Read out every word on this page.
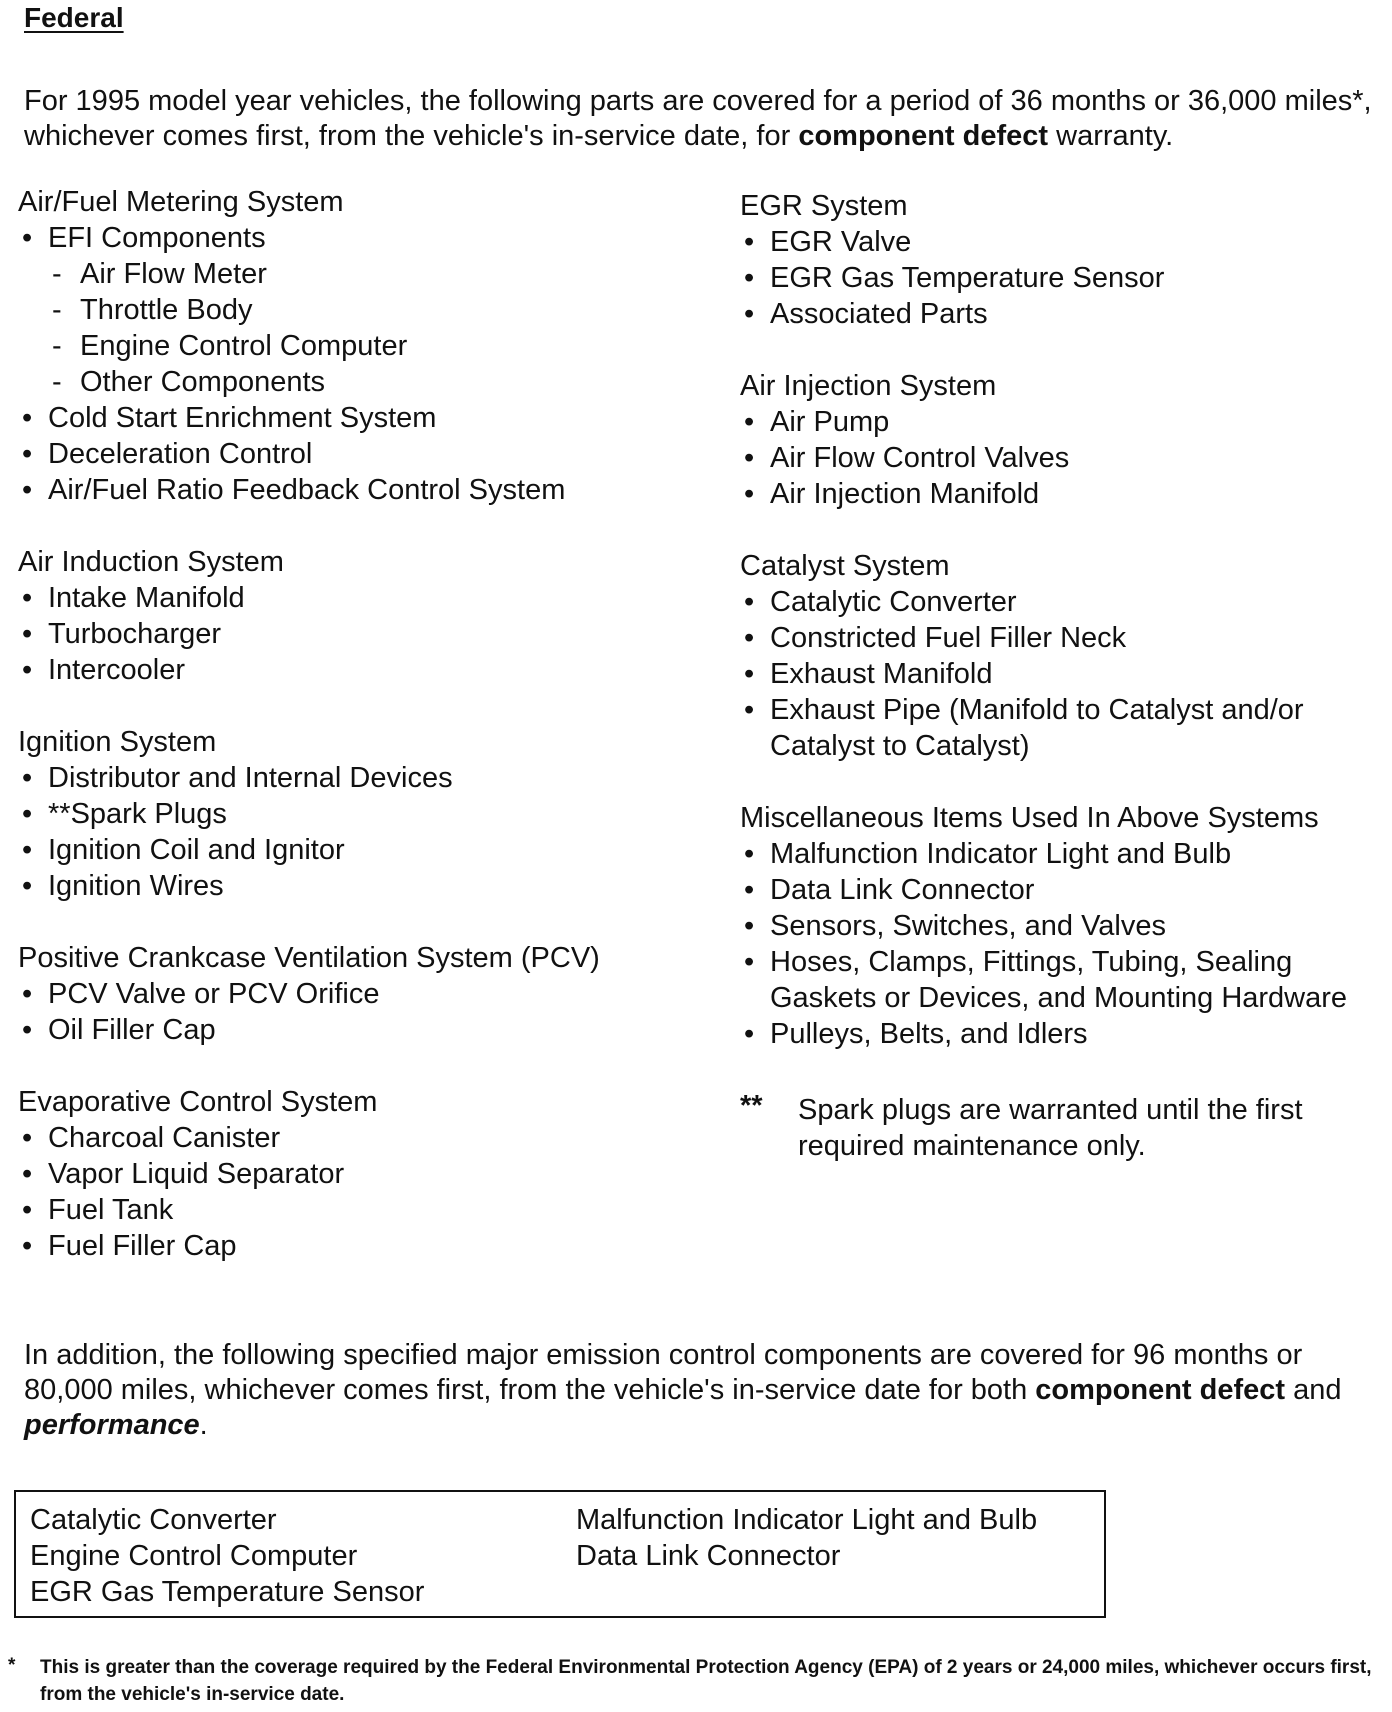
Federal
For 1995 model year vehicles, the following parts are covered for a period of 36 months or 36,000 miles*, whichever comes first, from the vehicle's in-service date, for component defect warranty.
Air/Fuel Metering System
• EFI Components
- Air Flow Meter
- Throttle Body
- Engine Control Computer
- Other Components
• Cold Start Enrichment System
• Deceleration Control
• Air/Fuel Ratio Feedback Control System
Air Induction System
• Intake Manifold
• Turbocharger
• Intercooler
Ignition System
• Distributor and Internal Devices
• **Spark Plugs
• Ignition Coil and Ignitor
• Ignition Wires
Positive Crankcase Ventilation System (PCV)
• PCV Valve or PCV Orifice
• Oil Filler Cap
Evaporative Control System
• Charcoal Canister
• Vapor Liquid Separator
• Fuel Tank
• Fuel Filler Cap
EGR System
• EGR Valve
• EGR Gas Temperature Sensor
• Associated Parts
Air Injection System
• Air Pump
• Air Flow Control Valves
• Air Injection Manifold
Catalyst System
• Catalytic Converter
• Constricted Fuel Filler Neck
• Exhaust Manifold
• Exhaust Pipe (Manifold to Catalyst and/or Catalyst to Catalyst)
Miscellaneous Items Used In Above Systems
• Malfunction Indicator Light and Bulb
• Data Link Connector
• Sensors, Switches, and Valves
• Hoses, Clamps, Fittings, Tubing, Sealing Gaskets or Devices, and Mounting Hardware
• Pulleys, Belts, and Idlers
** Spark plugs are warranted until the first required maintenance only.
In addition, the following specified major emission control components are covered for 96 months or 80,000 miles, whichever comes first, from the vehicle's in-service date for both component defect and performance.
Catalytic Converter
Engine Control Computer
EGR Gas Temperature Sensor
Malfunction Indicator Light and Bulb
Data Link Connector
*	This is greater than the coverage required by the Federal Environmental Protection Agency (EPA) of 2 years or 24,000 miles, whichever occurs first, from the vehicle's in-service date.
